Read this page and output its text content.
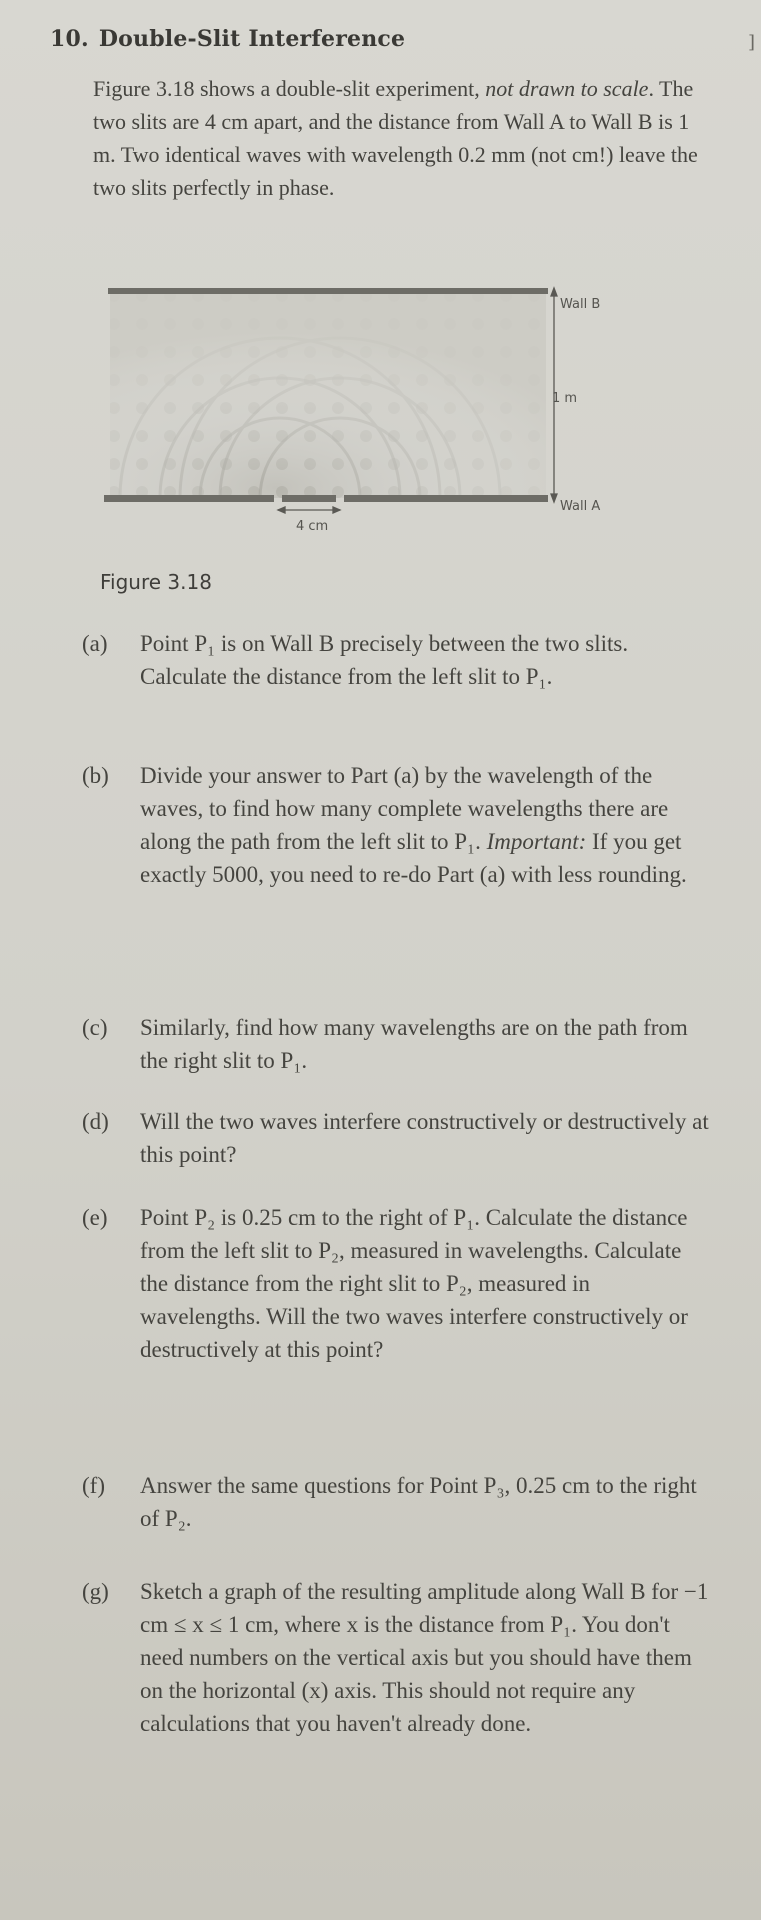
10. Double-Slit Interference	]

Figure 3.18 shows a double-slit experiment, not drawn to scale. The two slits are 4 cm apart, and the distance from Wall A to Wall B is 1 m. Two identical waves with wavelength 0.2 mm (not cm!) leave the two slits perfectly in phase.

4 cm
Wall B
1 m
Wall A

Figure 3.18

(a)	Point P₁ is on Wall B precisely between the two slits. Calculate the distance from the left slit to P₁.
(b)	Divide your answer to Part (a) by the wavelength of the waves, to find how many complete wavelengths there are along the path from the left slit to P₁. Important: If you get exactly 5000, you need to re-do Part (a) with less rounding.
(c)	Similarly, find how many wavelengths are on the path from the right slit to P₁.
(d)	Will the two waves interfere constructively or destructively at this point?
(e)	Point P₂ is 0.25 cm to the right of P₁. Calculate the distance from the left slit to P₂, measured in wavelengths. Calculate the distance from the right slit to P₂, measured in wavelengths. Will the two waves interfere constructively or destructively at this point?
(f)	Answer the same questions for Point P₃, 0.25 cm to the right of P₂.
(g)	Sketch a graph of the resulting amplitude along Wall B for −1 cm ≤ x ≤ 1 cm, where x is the distance from P₁. You don't need numbers on the vertical axis but you should have them on the horizontal (x) axis. This should not require any calculations that you haven't already done.
